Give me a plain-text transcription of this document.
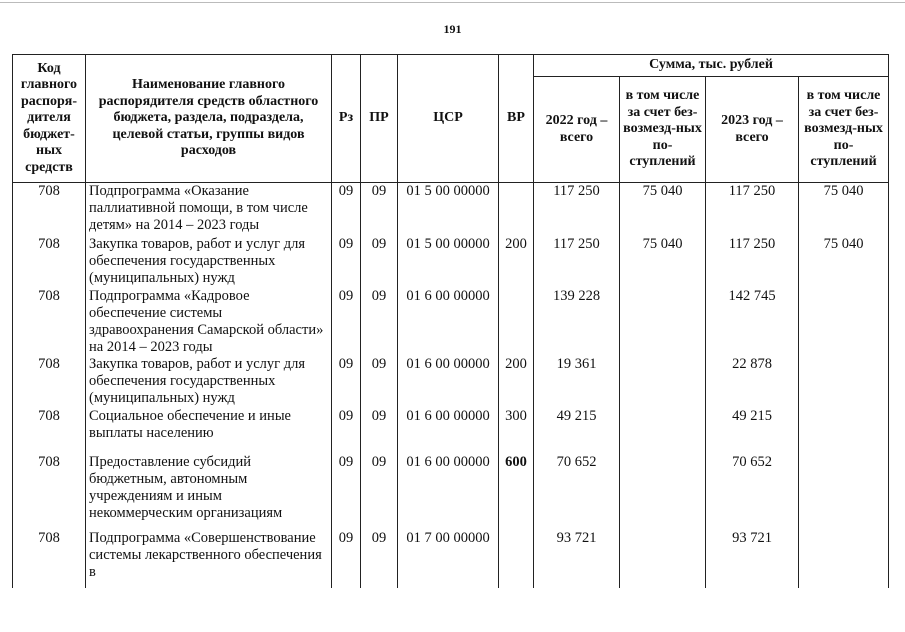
191
Код главного распоря-дителя бюджет-ных средств	Наименование главного распорядителя средств областного бюджета, раздела, подраздела, целевой статьи, группы видов расходов	Рз	ПР	ЦСР	ВР	Сумма, тыс. рублей			
						2022 год – всего	в том числе за счет без-возмезд-ных по-ступлений	2023 год – всего	в том числе за счет без-возмезд-ных по-ступлений
708	Подпрограмма «Оказание паллиативной помощи, в том числе детям» на 2014 – 2023 годы	09	09	01 5 00 00000		117 250	75 040	117 250	75 040
708	Закупка товаров, работ и услуг для обеспечения государственных (муниципальных) нужд	09	09	01 5 00 00000	200	117 250	75 040	117 250	75 040
708	Подпрограмма «Кадровое обеспечение системы здравоохранения Самарской области» на 2014 – 2023 годы	09	09	01 6 00 00000		139 228		142 745	
708	Закупка товаров, работ и услуг для обеспечения государственных (муниципальных) нужд	09	09	01 6 00 00000	200	19 361		22 878	
708	Социальное обеспечение и иные выплаты населению	09	09	01 6 00 00000	300	49 215		49 215	
708	Предоставление субсидий бюджетным, автономным учреждениям и иным некоммерческим организациям	09	09	01 6 00 00000	600	70 652		70 652	
708	Подпрограмма «Совершенствование системы лекарственного обеспечения в	09	09	01 7 00 00000		93 721		93 721	
